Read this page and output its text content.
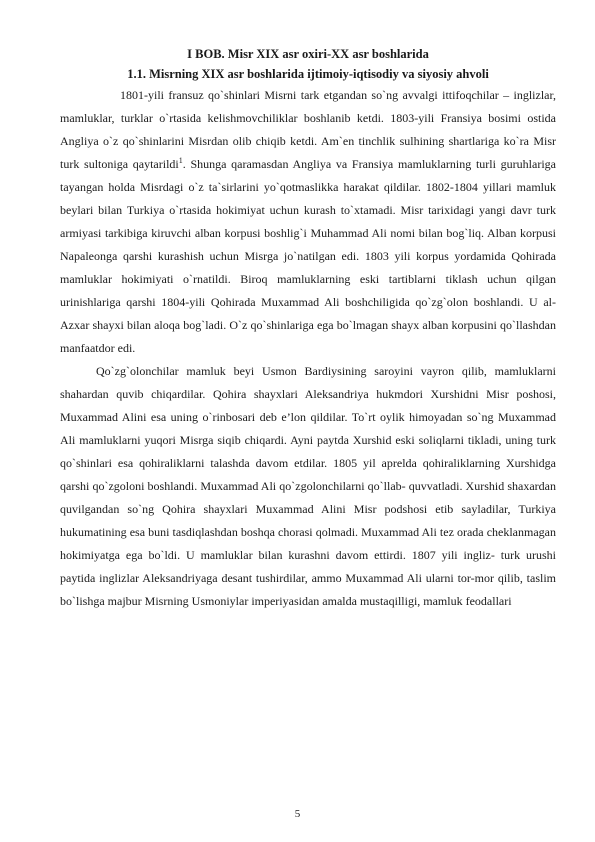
I BOB. Misr XIX asr oxiri-XX asr boshlarida
1.1. Misrning XIX asr boshlarida ijtimoiy-iqtisodiy va siyosiy ahvoli

1801-yili fransuz qo`shinlari Misrni tark etgandan so`ng avvalgi ittifoqchilar – inglizlar, mamluklar, turklar o`rtasida kelishmovchiliklar boshlanib ketdi. 1803-yili Fransiya bosimi ostida Angliya o`z qo`shinlarini Misrdan olib chiqib ketdi. Am`en tinchlik sulhining shartlariga ko`ra Misr turk sultoniga qaytarildi$^1$. Shunga qaramasdan Angliya va Fransiya mamluklarning turli guruhlariga tayangan holda Misrdagi o`z ta`sirlarini yo`qotmaslikka harakat qildilar. 1802-1804 yillari mamluk beylari bilan Turkiya o`rtasida hokimiyat uchun kurash to`xtamadi. Misr tarixidagi yangi davr turk armiyasi tarkibiga kiruvchi alban korpusi boshlig`i Muhammad Ali nomi bilan bog`liq. Alban korpusi Napaleonga qarshi kurashish uchun Misrga jo`natilgan edi. 1803 yili korpus yordamida Qohirada mamluklar hokimiyati o`rnatildi. Biroq mamluklarning eski tartiblarni tiklash uchun qilgan urinishlariga qarshi 1804-yili Qohirada Muxammad Ali boshchiligida qo`zg`olon boshlandi. U al-Azxar shayxi bilan aloqa bog`ladi. O`z qo`shinlariga ega bo`lmagan shayx alban korpusini qo`llashdan manfaatdor edi.

Qo`zg`olonchilar mamluk beyi Usmon Bardiysining saroyini vayron qilib, mamluklarni shahardan quvib chiqardilar. Qohira shayxlari Aleksandriya hukmdori Xurshidni Misr poshosi, Muxammad Alini esa uning o`rinbosari deb e’lon qildilar. To`rt oylik himoyadan so`ng Muxammad Ali mamluklarni yuqori Misrga siqib chiqardi. Ayni paytda Xurshid eski soliqlarni tikladi, uning turk qo`shinlari esa qohiraliklarni talashda davom etdilar. 1805 yil aprelda qohiraliklarning Xurshidga qarshi qo`zgoloni boshlandi. Muxammad Ali qo`zgolonchilarni qo`llab- quvvatladi. Xurshid shaxardan quvilgandan so`ng Qohira shayxlari Muxammad Alini Misr podshosi etib sayladilar, Turkiya hukumatining esa buni tasdiqlashdan boshqa chorasi qolmadi. Muxammad Ali tez orada cheklanmagan hokimiyatga ega bo`ldi. U mamluklar bilan kurashni davom ettirdi. 1807 yili ingliz- turk urushi paytida inglizlar Aleksandriyaga desant tushirdilar, ammo Muxammad Ali ularni tor-mor qilib, taslim bo`lishga majbur Misrning Usmoniylar imperiyasidan amalda mustaqilligi, mamluk feodallari

5
